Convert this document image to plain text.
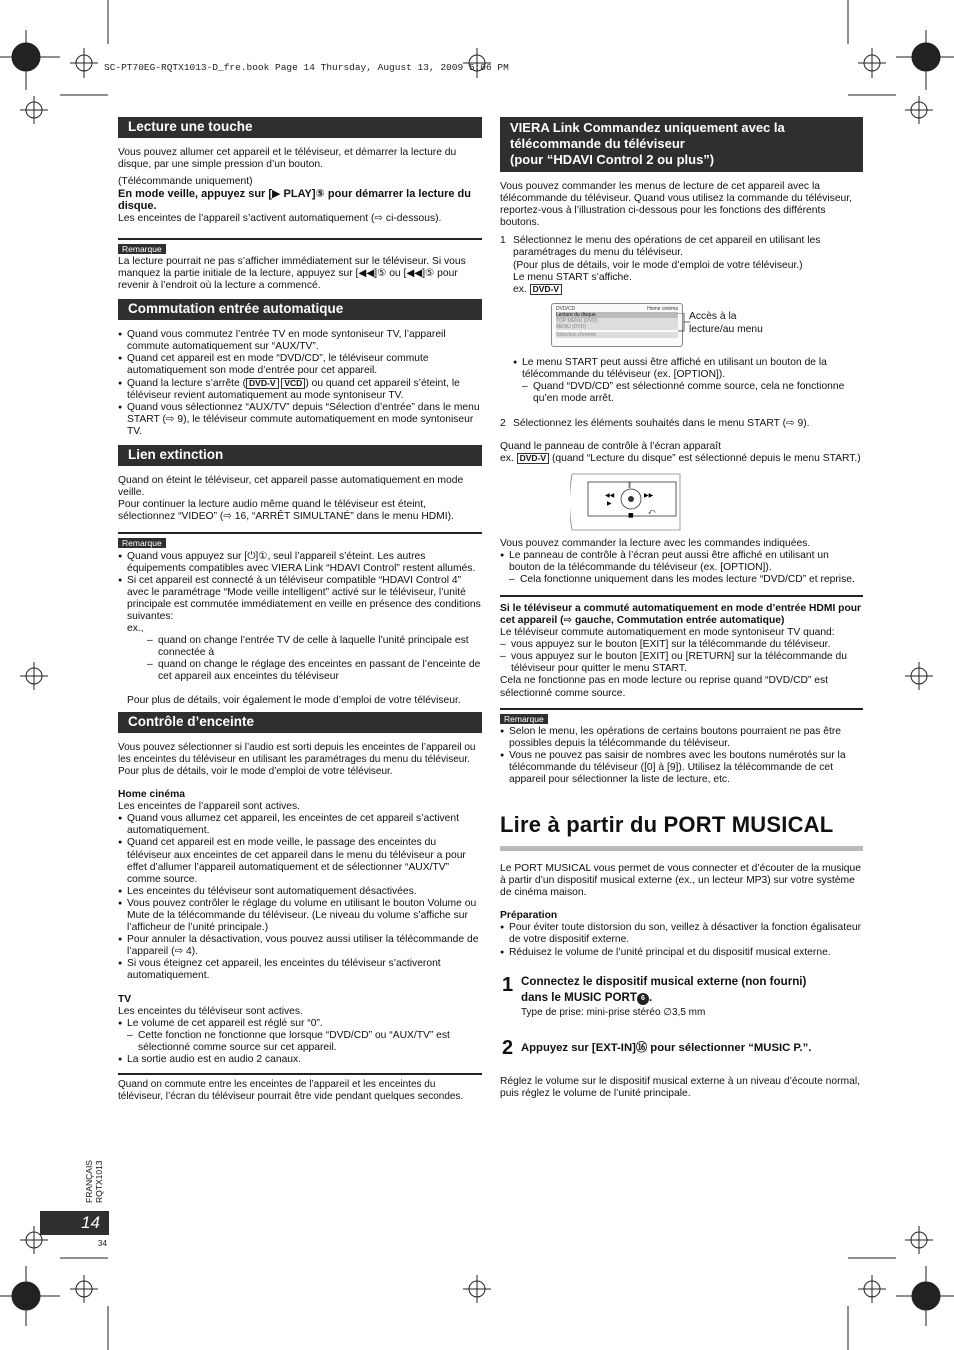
SC-PT70EG-RQTX1013-D_fre.book Page 14 Thursday, August 13, 2009 5:06 PM
Lecture une touche

Vous pouvez allumer cet appareil et le téléviseur, et démarrer la lecture du disque, par une simple pression d’un bouton.

(Télécommande uniquement)

En mode veille, appuyez sur [▶ PLAY]⑤ pour démarrer la lecture du disque.

Les enceintes de l’appareil s’activent automatiquement (⇨ ci-dessous).

Remarque

La lecture pourrait ne pas s’afficher immédiatement sur le téléviseur. Si vous manquez la partie initiale de la lecture, appuyez sur [◀◀]⑤ ou [◀◀]⑤ pour revenir à l’endroit où la lecture a commencé.

Commutation entrée automatique

● Quand vous commutez l’entrée TV en mode syntoniseur TV, l’appareil commute automatiquement sur “AUX/TV”.

● Quand cet appareil est en mode “DVD/CD”, le téléviseur commute automatiquement son mode d’entrée pour cet appareil.

● Quand la lecture s’arrête ( DVD-V VCD ) ou quand cet appareil s’éteint, le téléviseur revient automatiquement au mode syntoniseur TV.

● Quand vous sélectionnez “AUX/TV” depuis “Sélection d’entrée” dans le menu START (⇨ 9), le téléviseur commute automatiquement en mode syntoniseur TV.

Lien extinction

Quand on éteint le téléviseur, cet appareil passe automatiquement en mode veille.

Pour continuer la lecture audio même quand le téléviseur est éteint, sélectionnez “VIDEO” (⇨ 16, “ARRÊT SIMULTANÉ” dans le menu HDMI).

Remarque

● Quand vous appuyez sur [⏻]①, seul l’appareil s’éteint. Les autres équipements compatibles avec VIERA Link “HDAVI Control” restent allumés.

● Si cet appareil est connecté à un téléviseur compatible “HDAVI Control 4” avec le paramétrage “Mode veille intelligent” activé sur le téléviseur, l’unité principale est commutée immédiatement en veille en présence des conditions suivantes:

ex.,

– quand on change l’entrée TV de celle à laquelle l’unité principale est connectée à

– quand on change le réglage des enceintes en passant de l’enceinte de cet appareil aux enceintes du téléviseur

Pour plus de détails, voir également le mode d’emploi de votre téléviseur.

Contrôle d’enceinte

Vous pouvez sélectionner si l’audio est sorti depuis les enceintes de l’appareil ou les enceintes du téléviseur en utilisant les paramétrages du menu du téléviseur. Pour plus de détails, voir le mode d’emploi de votre téléviseur.

Home cinéma

Les enceintes de l’appareil sont actives.

● Quand vous allumez cet appareil, les enceintes de cet appareil s’activent automatiquement.

● Quand cet appareil est en mode veille, le passage des enceintes du téléviseur aux enceintes de cet appareil dans le menu du téléviseur a pour effet d’allumer l’appareil automatiquement et de sélectionner “AUX/TV” comme source.

● Les enceintes du téléviseur sont automatiquement désactivées.

● Vous pouvez contrôler le réglage du volume en utilisant le bouton Volume ou Mute de la télécommande du téléviseur. (Le niveau du volume s’affiche sur l’afficheur de l’unité principale.)

● Pour annuler la désactivation, vous pouvez aussi utiliser la télécommande de l’appareil (⇨ 4).

● Si vous éteignez cet appareil, les enceintes du téléviseur s’activeront automatiquement.

TV

Les enceintes du téléviseur sont actives.

● Le volume de cet appareil est réglé sur “0”.

– Cette fonction ne fonctionne que lorsque “DVD/CD” ou “AUX/TV” est sélectionné comme source sur cet appareil.

● La sortie audio est en audio 2 canaux.

Quand on commute entre les enceintes de l’appareil et les enceintes du téléviseur, l’écran du téléviseur pourrait être vide pendant quelques secondes.

VIERA Link Commandez uniquement avec la
télécommande du téléviseur
(pour “HDAVI Control 2 ou plus”)

Vous pouvez commander les menus de lecture de cet appareil avec la télécommande du téléviseur. Quand vous utilisez la commande du téléviseur, reportez-vous à l’illustration ci-dessous pour les fonctions des différents boutons.

1 Sélectionnez le menu des opérations de cet appareil en utilisant les paramétrages du menu du téléviseur.

(Pour plus de détails, voir le mode d’emploi de votre téléviseur.)

Le menu START s’affiche.

ex. DVD-V

DVD/CD	Home cinéma
Lecture du disque
TOP MENU (DVD)
MENU (DVD)
Sélection d’entrée
Accès à la
lecture/au menu

● Le menu START peut aussi être affiché en utilisant un bouton de la télécommande du téléviseur (ex. [OPTION]).

– Quand “DVD/CD” est sélectionné comme source, cela ne fonctionne qu’en mode arrêt.

2 Sélectionnez les éléments souhaités dans le menu START (⇨ 9).

Quand le panneau de contrôle à l’écran apparaît

ex. DVD-V (quand “Lecture du disque” est sélectionné depuis le menu START.)

‖
■
◀◀
▶
▶▶
⤺

Vous pouvez commander la lecture avec les commandes indiquées.

● Le panneau de contrôle à l’écran peut aussi être affiché en utilisant un bouton de la télécommande du téléviseur (ex. [OPTION]).

– Cela fonctionne uniquement dans les modes lecture “DVD/CD” et reprise.

Si le téléviseur a commuté automatiquement en mode d’entrée HDMI pour cet appareil (⇨ gauche, Commutation entrée automatique)

Le téléviseur commute automatiquement en mode syntoniseur TV quand:

– vous appuyez sur le bouton [EXIT] sur la télécommande du téléviseur.

– vous appuyez sur le bouton [EXIT] ou [RETURN] sur la télécommande du téléviseur pour quitter le menu START.

Cela ne fonctionne pas en mode lecture ou reprise quand “DVD/CD” est sélectionné comme source.

Remarque

● Selon le menu, les opérations de certains boutons pourraient ne pas être possibles depuis la télécommande du téléviseur.

● Vous ne pouvez pas saisir de nombres avec les boutons numérotés sur la télécommande du téléviseur ([0] à [9]). Utilisez la télécommande de cet appareil pour sélectionner la liste de lecture, etc.

Lire à partir du PORT MUSICAL

Le PORT MUSICAL vous permet de vous connecter et d’écouter de la musique à partir d’un dispositif musical externe (ex., un lecteur MP3) sur votre système de cinéma maison.

Préparation

● Pour éviter toute distorsion du son, veillez à désactiver la fonction égalisateur de votre dispositif externe.

● Réduisez le volume de l’unité principal et du dispositif musical externe.

1 Connectez le dispositif musical externe (non fourni)
dans le MUSIC PORT 6 .
Type de prise: mini-prise stéréo ∅3,5 mm
2 Appuyez sur [EXT-IN]⑯ pour sélectionner “MUSIC P.”.
Réglez le volume sur le dispositif musical externe à un niveau d’écoute normal, puis réglez le volume de l’unité principale.
FRANÇAIS RQTX1013
14
34
